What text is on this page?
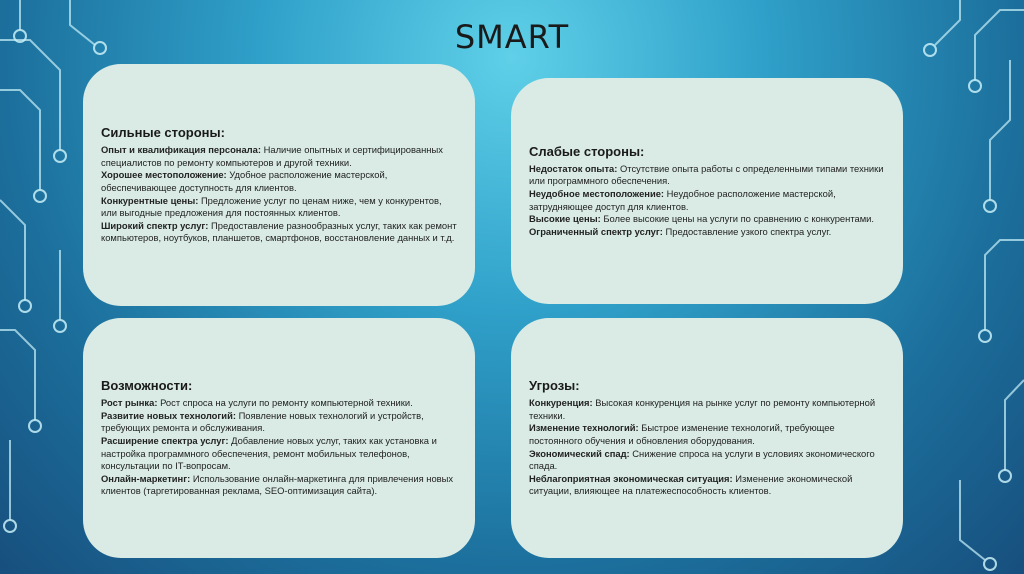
SMART
Сильные стороны:

Опыт и квалификация персонала: Наличие опытных и сертифицированных специалистов по ремонту компьютеров и другой техники.

Хорошее местоположение: Удобное расположение мастерской, обеспечивающее доступность для клиентов.

Конкурентные цены: Предложение услуг по ценам ниже, чем у конкурентов, или выгодные предложения для постоянных клиентов.

Широкий спектр услуг: Предоставление разнообразных услуг, таких как ремонт компьютеров, ноутбуков, планшетов, смартфонов, восстановление данных и т.д.

Слабые стороны:

Недостаток опыта: Отсутствие опыта работы с определенными типами техники или программного обеспечения.

Неудобное местоположение: Неудобное расположение мастерской, затрудняющее доступ для клиентов.

Высокие цены: Более высокие цены на услуги по сравнению с конкурентами.

Ограниченный спектр услуг: Предоставление узкого спектра услуг.

Возможности:

Рост рынка: Рост спроса на услуги по ремонту компьютерной техники.

Развитие новых технологий: Появление новых технологий и устройств, требующих ремонта и обслуживания.

Расширение спектра услуг: Добавление новых услуг, таких как установка и настройка программного обеспечения, ремонт мобильных телефонов, консультации по IT-вопросам.

Онлайн-маркетинг: Использование онлайн-маркетинга для привлечения новых клиентов (таргетированная реклама, SEO-оптимизация сайта).

Угрозы:

Конкуренция: Высокая конкуренция на рынке услуг по ремонту компьютерной техники.

Изменение технологий: Быстрое изменение технологий, требующее постоянного обучения и обновления оборудования.

Экономический спад: Снижение спроса на услуги в условиях экономического спада.

Неблагоприятная экономическая ситуация: Изменение экономической ситуации, влияющее на платежеспособность клиентов.
